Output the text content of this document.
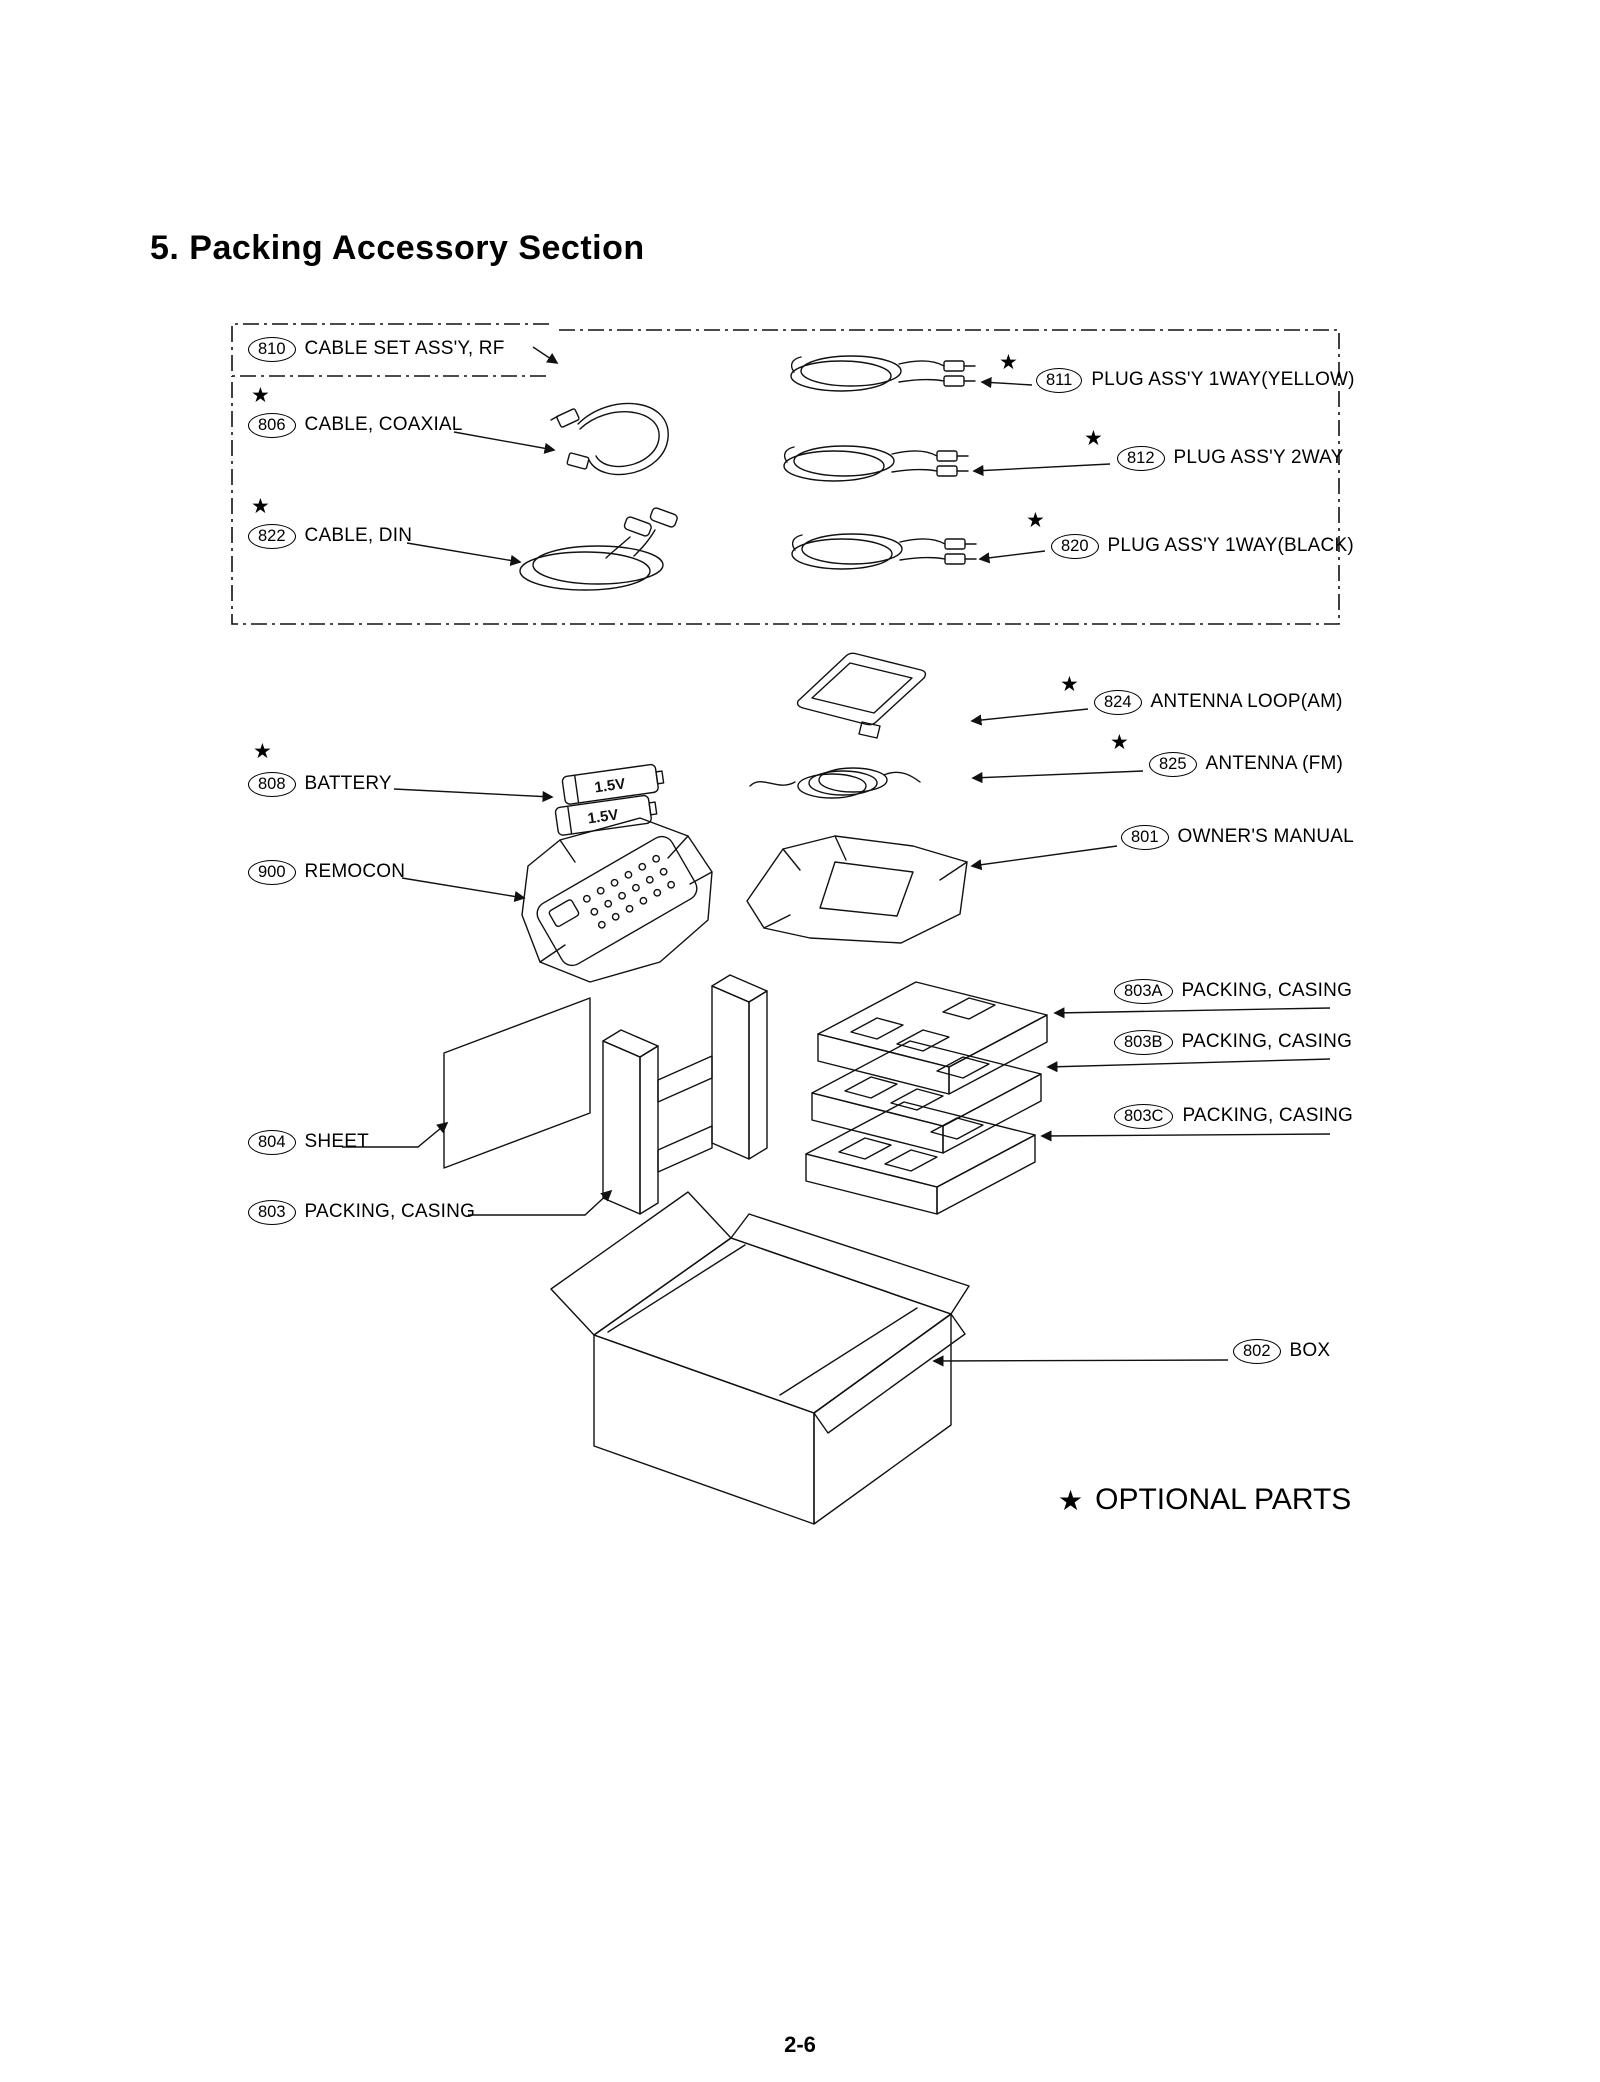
1.5V
1.5V
5. Packing Accessory Section
★
★
★
★
★
★
★
★
810	CABLE SET ASS'Y, RF
806	CABLE, COAXIAL
822	CABLE, DIN
811	PLUG ASS'Y 1WAY(YELLOW)
812	PLUG ASS'Y 2WAY
820	PLUG ASS'Y 1WAY(BLACK)
824	ANTENNA LOOP(AM)
825	ANTENNA (FM)
808	BATTERY
900	REMOCON
801	OWNER'S MANUAL
803A	PACKING, CASING
803B	PACKING, CASING
803C	PACKING, CASING
804	SHEET
803	PACKING, CASING
802	BOX
★ OPTIONAL PARTS
2-6
